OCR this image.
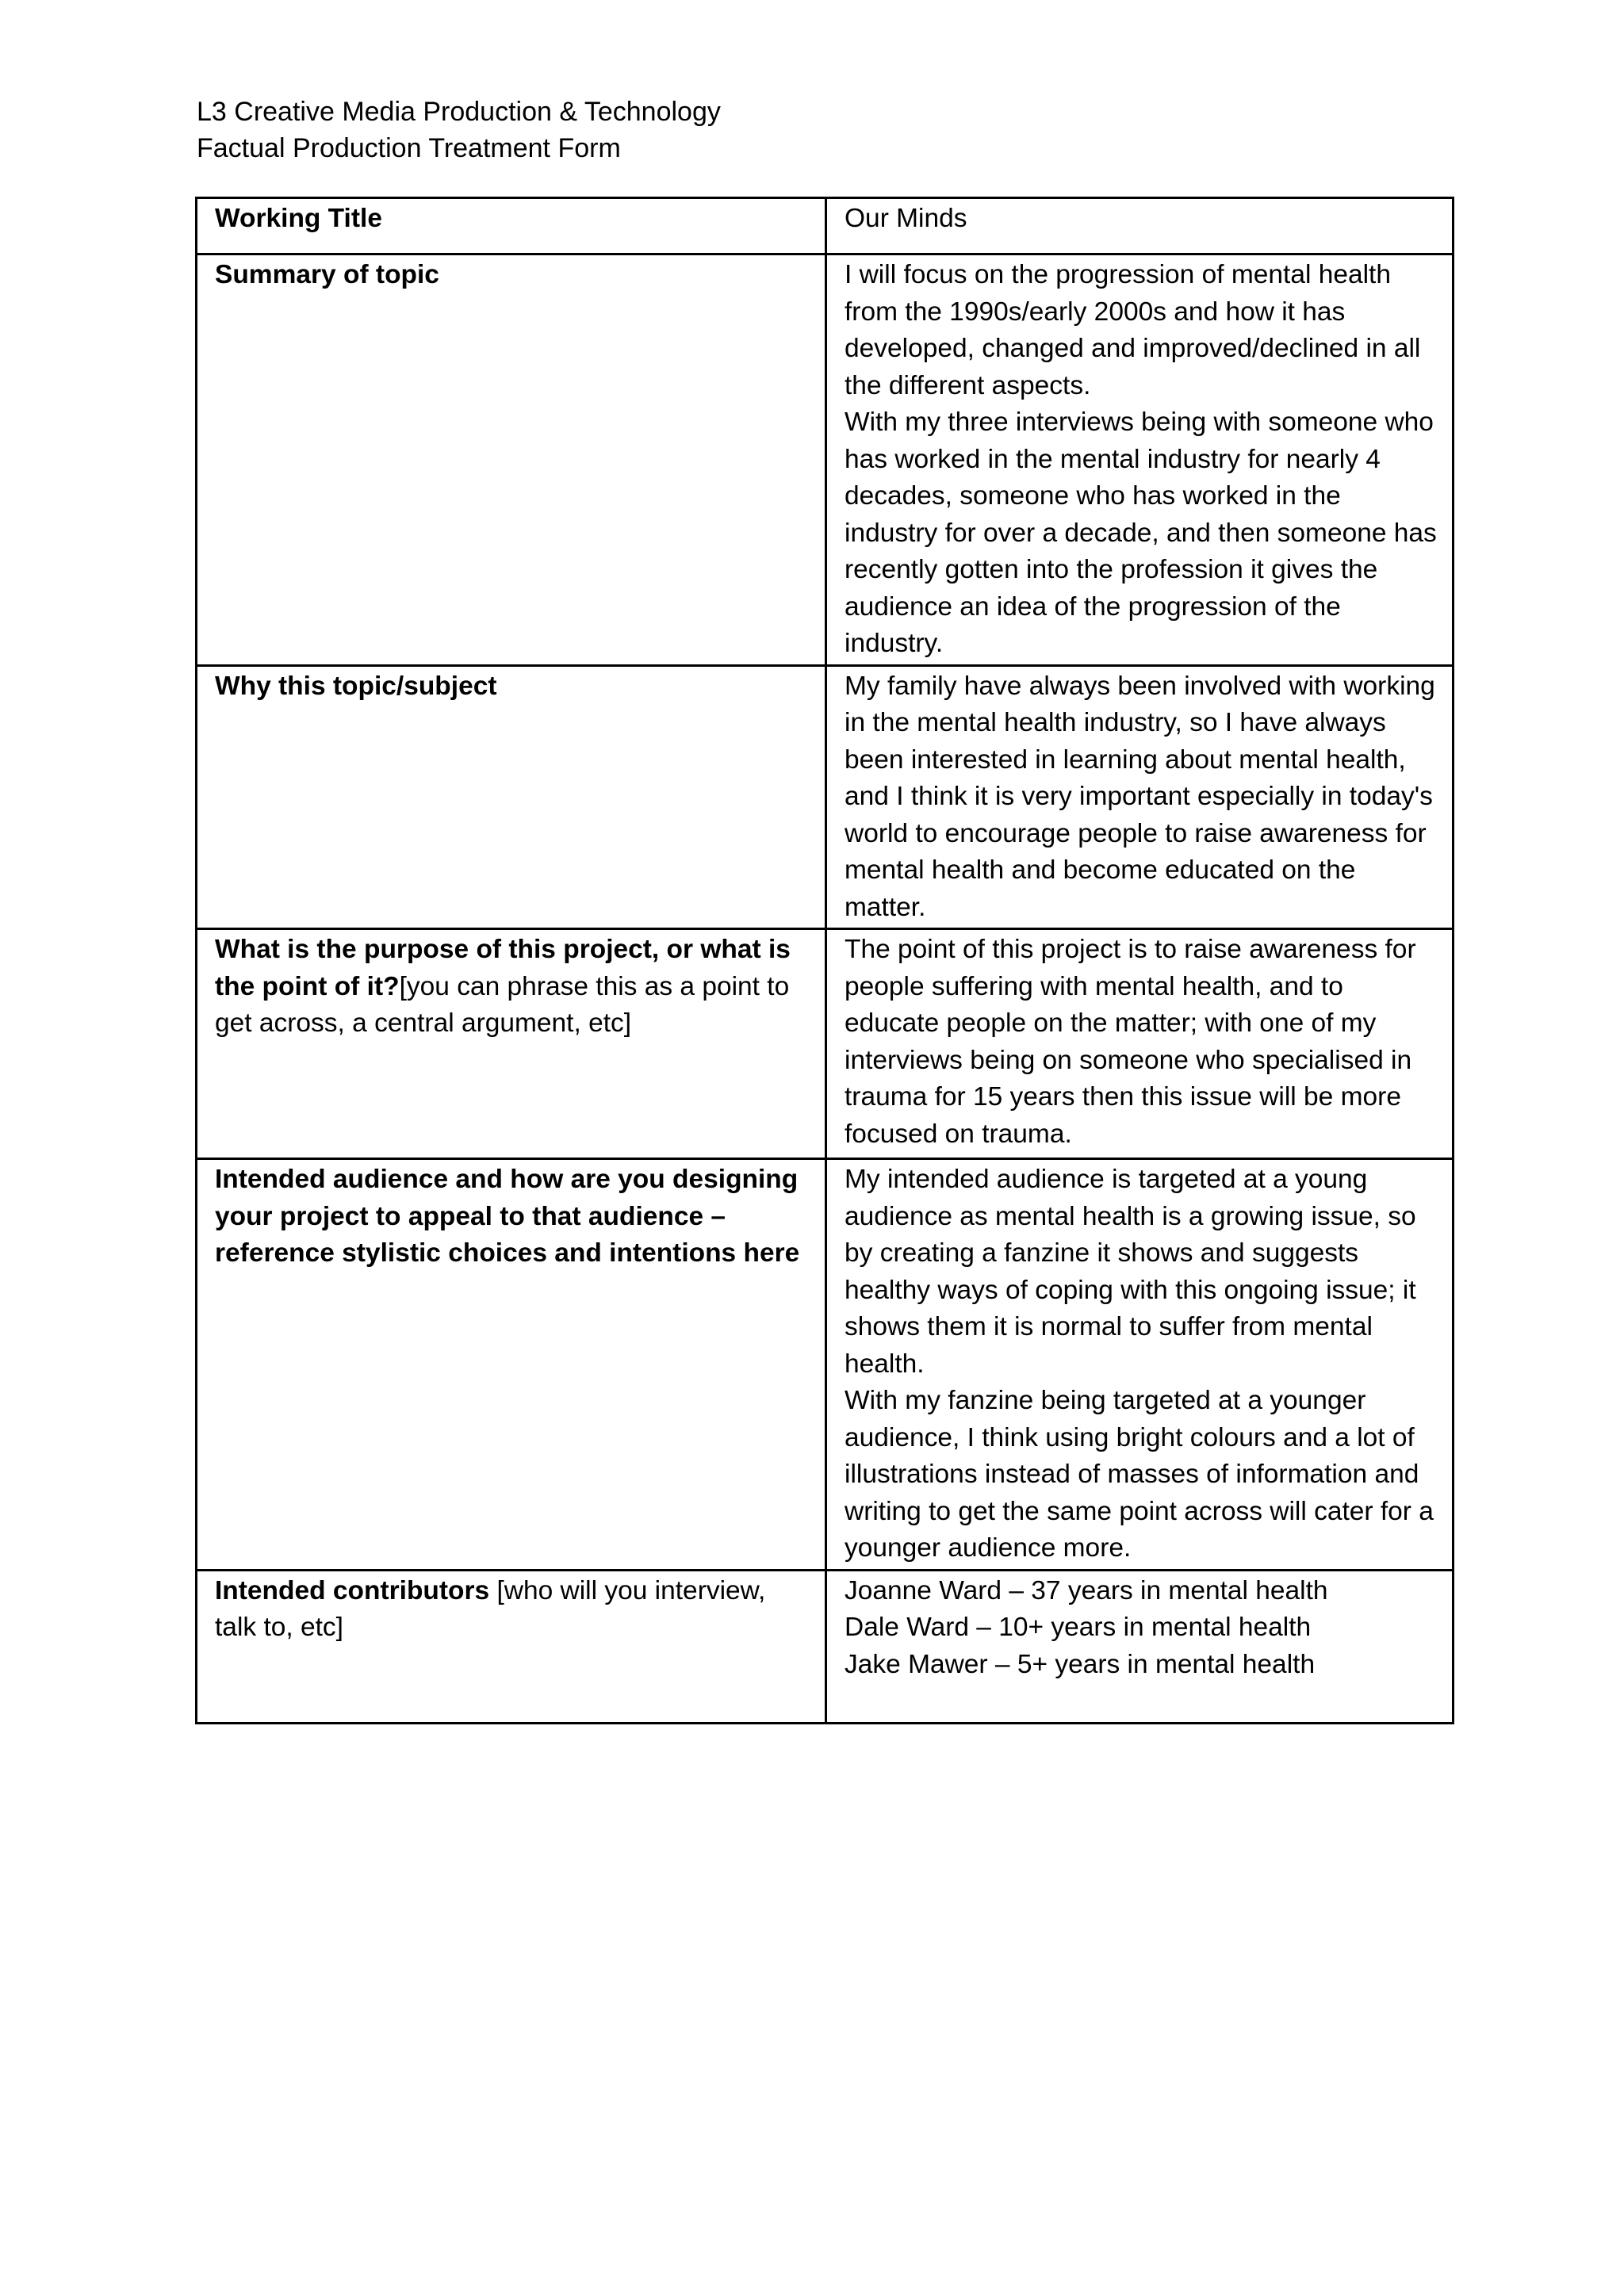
L3 Creative Media Production & Technology
Factual Production Treatment Form
Working Title	Our Minds
Summary of topic	I will focus on the progression of mental health from the 1990s/early 2000s and how it has developed, changed and improved/declined in all the different aspects.

With my three interviews being with someone who has worked in the mental industry for nearly 4 decades, someone who has worked in the industry for over a decade, and then someone has recently gotten into the profession it gives the audience an idea of the progression of the industry.

Why this topic/subject	My family have always been involved with working in the mental health industry, so I have always been interested in learning about mental health, and I think it is very important especially in today's world to encourage people to raise awareness for mental health and become educated on the matter.
What is the purpose of this project, or what is the point of it?[you can phrase this as a point to get across, a central argument, etc]	The point of this project is to raise awareness for people suffering with mental health, and to educate people on the matter; with one of my interviews being on someone who specialised in trauma for 15 years then this issue will be more focused on trauma.
Intended audience and how are you designing your project to appeal to that audience – reference stylistic choices and intentions here	My intended audience is targeted at a young audience as mental health is a growing issue, so by creating a fanzine it shows and suggests healthy ways of coping with this ongoing issue; it shows them it is normal to suffer from mental health.

With my fanzine being targeted at a younger audience, I think using bright colours and a lot of illustrations instead of masses of information and writing to get the same point across will cater for a younger audience more.

Intended contributors [who will you interview, talk to, etc]	Joanne Ward – 37 years in mental health

Dale Ward – 10+ years in mental health

Jake Mawer – 5+ years in mental health
